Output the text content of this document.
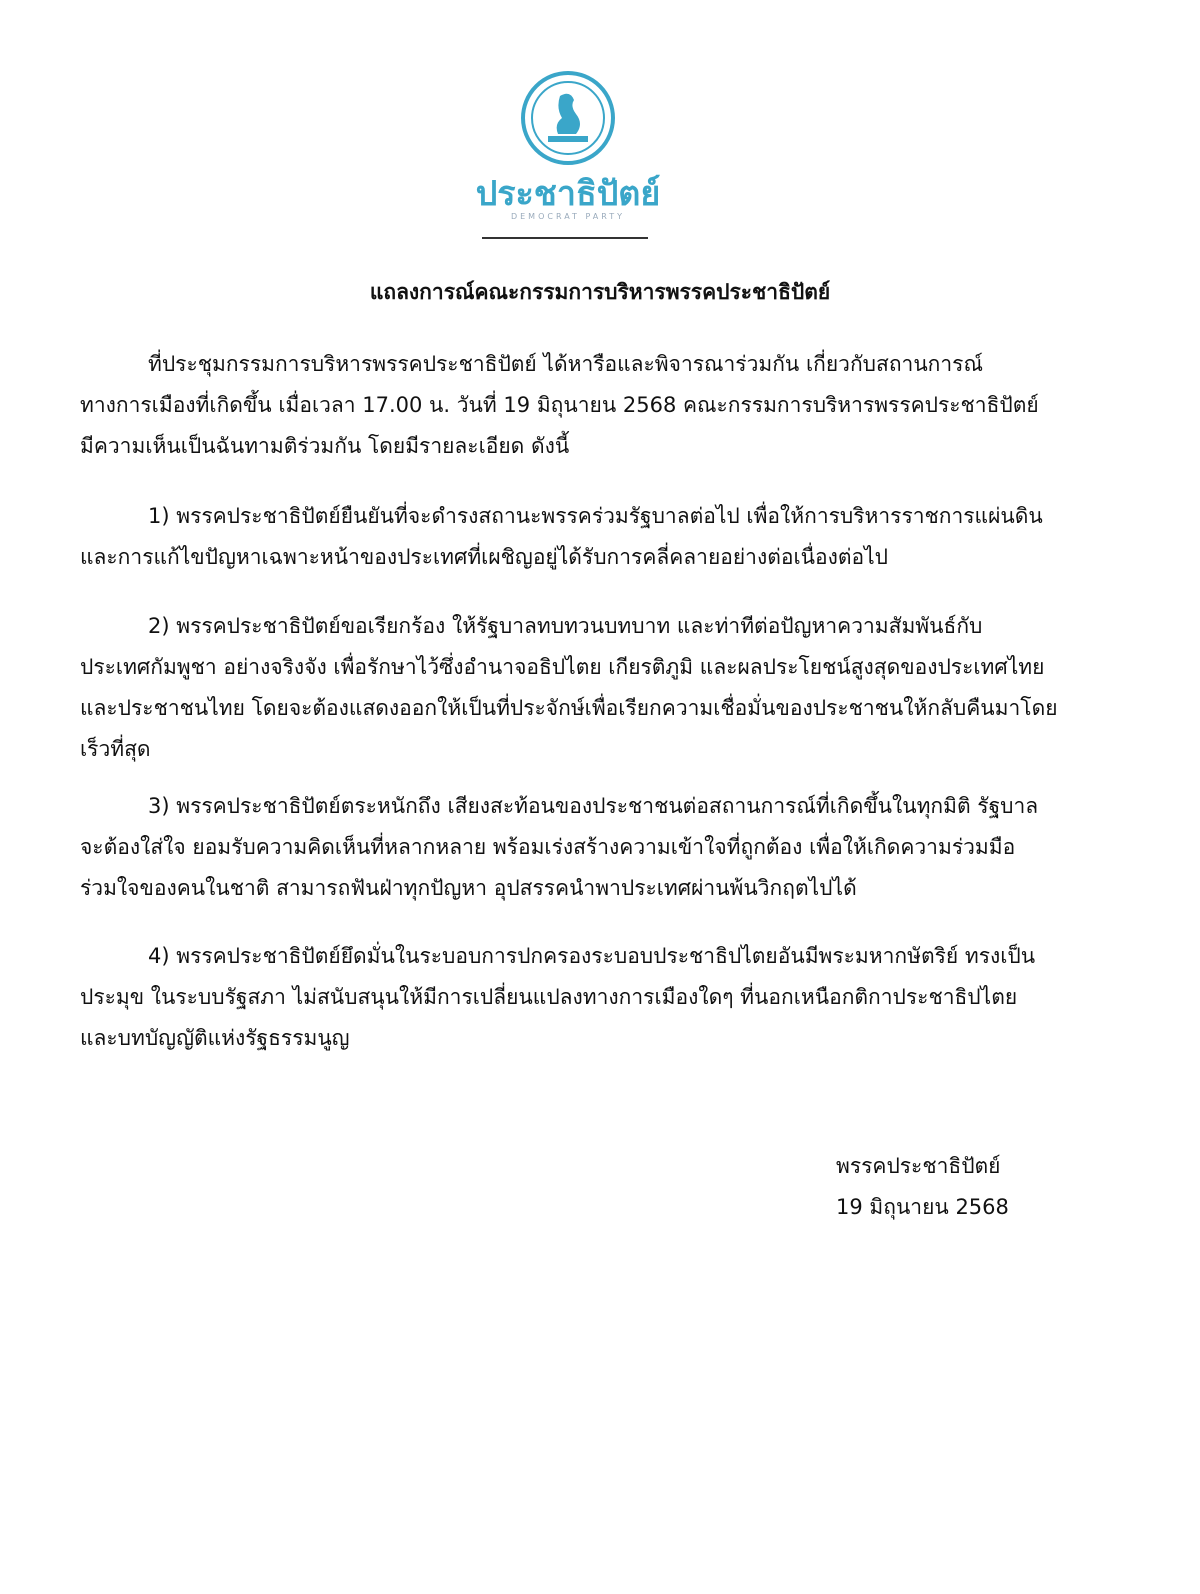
ประชาธิปัตย์
DEMOCRAT PARTY
แถลงการณ์คณะกรรมการบริหารพรรคประชาธิปัตย์
ที่ประชุมกรรมการบริหารพรรคประชาธิปัตย์ ได้หารือและพิจารณาร่วมกัน เกี่ยวกับสถานการณ์
ทางการเมืองที่เกิดขึ้น เมื่อเวลา 17.00 น. วันที่ 19 มิถุนายน 2568 คณะกรรมการบริหารพรรคประชาธิปัตย์
มีความเห็นเป็นฉันทามติร่วมกัน โดยมีรายละเอียด ดังนี้
1) พรรคประชาธิปัตย์ยืนยันที่จะดำรงสถานะพรรคร่วมรัฐบาลต่อไป เพื่อให้การบริหารราชการแผ่นดิน
และการแก้ไขปัญหาเฉพาะหน้าของประเทศที่เผชิญอยู่ได้รับการคลี่คลายอย่างต่อเนื่องต่อไป
2) พรรคประชาธิปัตย์ขอเรียกร้อง ให้รัฐบาลทบทวนบทบาท และท่าทีต่อปัญหาความสัมพันธ์กับ
ประเทศกัมพูชา อย่างจริงจัง เพื่อรักษาไว้ซึ่งอำนาจอธิปไตย เกียรติภูมิ และผลประโยชน์สูงสุดของประเทศไทย
และประชาชนไทย โดยจะต้องแสดงออกให้เป็นที่ประจักษ์เพื่อเรียกความเชื่อมั่นของประชาชนให้กลับคืนมาโดย
เร็วที่สุด
3) พรรคประชาธิปัตย์ตระหนักถึง เสียงสะท้อนของประชาชนต่อสถานการณ์ที่เกิดขึ้นในทุกมิติ รัฐบาล
จะต้องใส่ใจ ยอมรับความคิดเห็นที่หลากหลาย พร้อมเร่งสร้างความเข้าใจที่ถูกต้อง เพื่อให้เกิดความร่วมมือ
ร่วมใจของคนในชาติ สามารถฟันฝ่าทุกปัญหา อุปสรรคนำพาประเทศผ่านพ้นวิกฤตไปได้
4) พรรคประชาธิปัตย์ยึดมั่นในระบอบการปกครองระบอบประชาธิปไตยอันมีพระมหากษัตริย์ ทรงเป็น
ประมุข ในระบบรัฐสภา ไม่สนับสนุนให้มีการเปลี่ยนแปลงทางการเมืองใดๆ ที่นอกเหนือกติกาประชาธิปไตย
และบทบัญญัติแห่งรัฐธรรมนูญ
พรรคประชาธิปัตย์
19 มิถุนายน 2568
